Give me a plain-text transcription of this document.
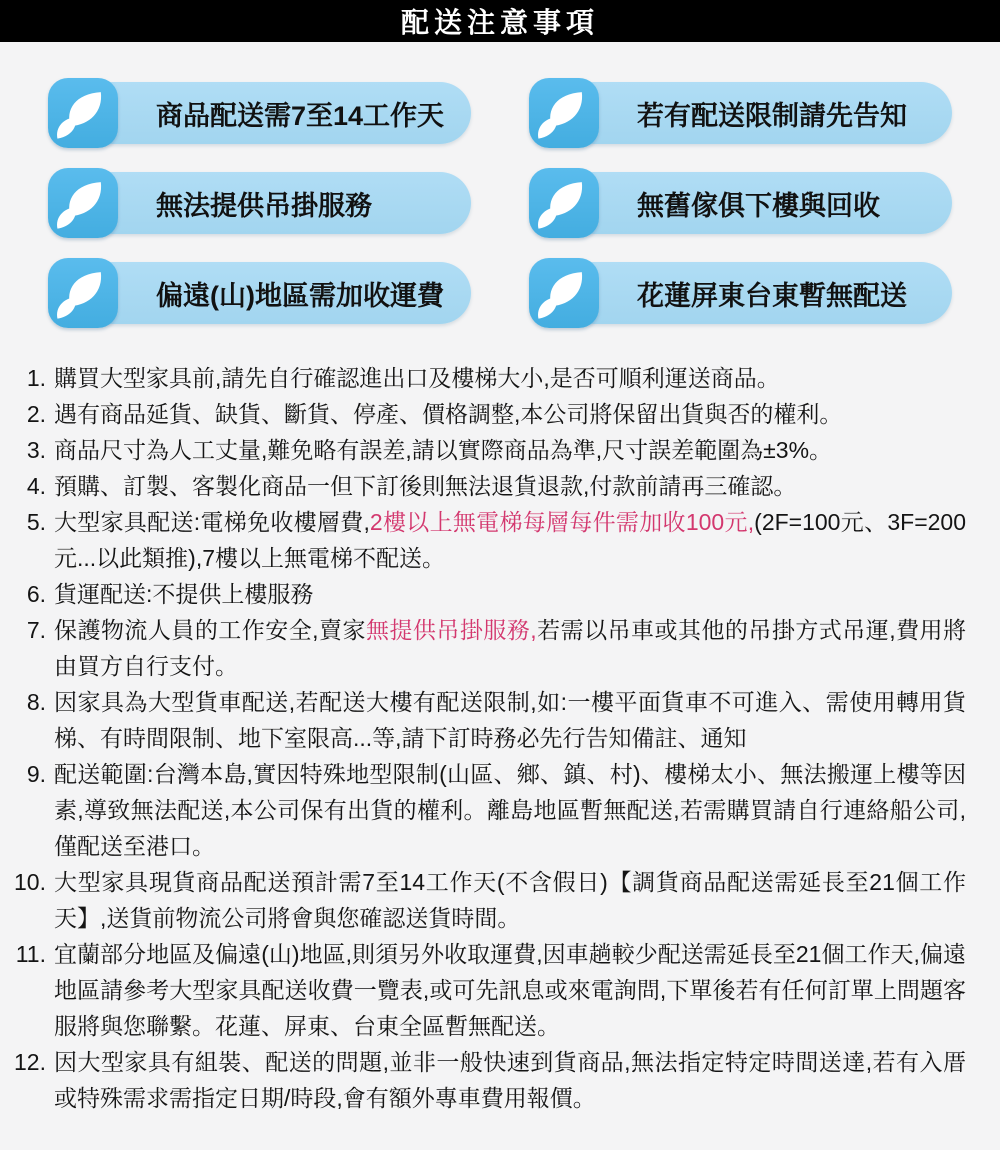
配送注意事項
商品配送需7至14工作天	若有配送限制請先告知
無法提供吊掛服務	無舊傢俱下樓與回收
偏遠(山)地區需加收運費	花蓮屏東台東暫無配送
1. 購買大型家具前,請先自行確認進出口及樓梯大小,是否可順利運送商品。
2. 遇有商品延貨、缺貨、斷貨、停產、價格調整,本公司將保留出貨與否的權利。
3. 商品尺寸為人工丈量,難免略有誤差,請以實際商品為準,尺寸誤差範圍為±3%。
4. 預購、訂製、客製化商品一但下訂後則無法退貨退款,付款前請再三確認。
5. 大型家具配送:電梯免收樓層費,2樓以上無電梯每層每件需加收100元,(2F=100元、3F=200元...以此類推),7樓以上無電梯不配送。
6. 貨運配送:不提供上樓服務
7. 保護物流人員的工作安全,賣家無提供吊掛服務,若需以吊車或其他的吊掛方式吊運,費用將由買方自行支付。
8. 因家具為大型貨車配送,若配送大樓有配送限制,如:一樓平面貨車不可進入、需使用轉用貨梯、有時間限制、地下室限高...等,請下訂時務必先行告知備註、通知
9. 配送範圍:台灣本島,實因特殊地型限制(山區、鄉、鎮、村)、樓梯太小、無法搬運上樓等因素,導致無法配送,本公司保有出貨的權利。離島地區暫無配送,若需購買請自行連絡船公司,僅配送至港口。
10. 大型家具現貨商品配送預計需7至14工作天(不含假日)【調貨商品配送需延長至21個工作天】,送貨前物流公司將會與您確認送貨時間。
11. 宜蘭部分地區及偏遠(山)地區,則須另外收取運費,因車趟較少配送需延長至21個工作天,偏遠地區請參考大型家具配送收費一覽表,或可先訊息或來電詢問,下單後若有任何訂單上問題客服將與您聯繫。花蓮、屏東、台東全區暫無配送。
12. 因大型家具有組裝、配送的問題,並非一般快速到貨商品,無法指定特定時間送達,若有入厝或特殊需求需指定日期/時段,會有額外專車費用報價。
